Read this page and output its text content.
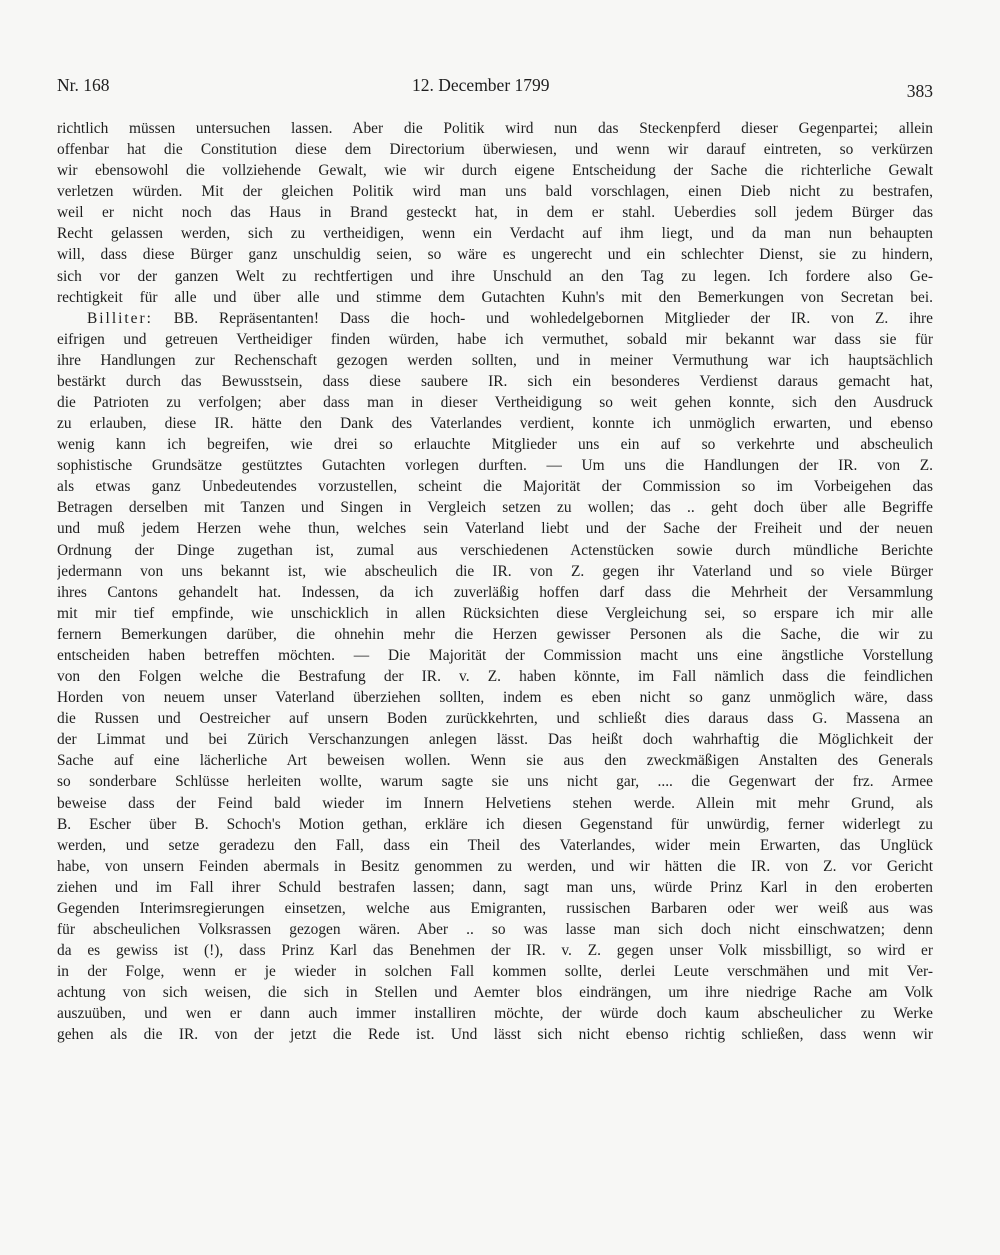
Nr. 168	12. December 1799	383
richtlich müssen untersuchen lassen. Aber die Politik wird nun das Steckenpferd dieser Gegenpartei; allein
offenbar hat die Constitution diese dem Directorium überwiesen, und wenn wir darauf eintreten, so verkürzen
wir ebensowohl die vollziehende Gewalt, wie wir durch eigene Entscheidung der Sache die richterliche Gewalt
verletzen würden. Mit der gleichen Politik wird man uns bald vorschlagen, einen Dieb nicht zu bestrafen,
weil er nicht noch das Haus in Brand gesteckt hat, in dem er stahl. Ueberdies soll jedem Bürger das
Recht gelassen werden, sich zu vertheidigen, wenn ein Verdacht auf ihm liegt, und da man nun behaupten
will, dass diese Bürger ganz unschuldig seien, so wäre es ungerecht und ein schlechter Dienst, sie zu hindern,
sich vor der ganzen Welt zu rechtfertigen und ihre Unschuld an den Tag zu legen. Ich fordere also Ge-
rechtigkeit für alle und über alle und stimme dem Gutachten Kuhn's mit den Bemerkungen von Secretan bei.
Billiter: BB. Repräsentanten! Dass die hoch- und wohledelgebornen Mitglieder der IR. von Z. ihre
eifrigen und getreuen Vertheidiger finden würden, habe ich vermuthet, sobald mir bekannt war dass sie für
ihre Handlungen zur Rechenschaft gezogen werden sollten, und in meiner Vermuthung war ich hauptsächlich
bestärkt durch das Bewusstsein, dass diese saubere IR. sich ein besonderes Verdienst daraus gemacht hat,
die Patrioten zu verfolgen; aber dass man in dieser Vertheidigung so weit gehen konnte, sich den Ausdruck
zu erlauben, diese IR. hätte den Dank des Vaterlandes verdient, konnte ich unmöglich erwarten, und ebenso
wenig kann ich begreifen, wie drei so erlauchte Mitglieder uns ein auf so verkehrte und abscheulich
sophistische Grundsätze gestütztes Gutachten vorlegen durften. — Um uns die Handlungen der IR. von Z.
als etwas ganz Unbedeutendes vorzustellen, scheint die Majorität der Commission so im Vorbeigehen das
Betragen derselben mit Tanzen und Singen in Vergleich setzen zu wollen; das .. geht doch über alle Begriffe
und muß jedem Herzen wehe thun, welches sein Vaterland liebt und der Sache der Freiheit und der neuen
Ordnung der Dinge zugethan ist, zumal aus verschiedenen Actenstücken sowie durch mündliche Berichte
jedermann von uns bekannt ist, wie abscheulich die IR. von Z. gegen ihr Vaterland und so viele Bürger
ihres Cantons gehandelt hat. Indessen, da ich zuverläßig hoffen darf dass die Mehrheit der Versammlung
mit mir tief empfinde, wie unschicklich in allen Rücksichten diese Vergleichung sei, so erspare ich mir alle
fernern Bemerkungen darüber, die ohnehin mehr die Herzen gewisser Personen als die Sache, die wir zu
entscheiden haben betreffen möchten. — Die Majorität der Commission macht uns eine ängstliche Vorstellung
von den Folgen welche die Bestrafung der IR. v. Z. haben könnte, im Fall nämlich dass die feindlichen
Horden von neuem unser Vaterland überziehen sollten, indem es eben nicht so ganz unmöglich wäre, dass
die Russen und Oestreicher auf unsern Boden zurückkehrten, und schließt dies daraus dass G. Massena an
der Limmat und bei Zürich Verschanzungen anlegen lässt. Das heißt doch wahrhaftig die Möglichkeit der
Sache auf eine lächerliche Art beweisen wollen. Wenn sie aus den zweckmäßigen Anstalten des Generals
so sonderbare Schlüsse herleiten wollte, warum sagte sie uns nicht gar, .... die Gegenwart der frz. Armee
beweise dass der Feind bald wieder im Innern Helvetiens stehen werde. Allein mit mehr Grund, als
B. Escher über B. Schoch's Motion gethan, erkläre ich diesen Gegenstand für unwürdig, ferner widerlegt zu
werden, und setze geradezu den Fall, dass ein Theil des Vaterlandes, wider mein Erwarten, das Unglück
habe, von unsern Feinden abermals in Besitz genommen zu werden, und wir hätten die IR. von Z. vor Gericht
ziehen und im Fall ihrer Schuld bestrafen lassen; dann, sagt man uns, würde Prinz Karl in den eroberten
Gegenden Interimsregierungen einsetzen, welche aus Emigranten, russischen Barbaren oder wer weiß aus was
für abscheulichen Volksrassen gezogen wären. Aber .. so was lasse man sich doch nicht einschwatzen; denn
da es gewiss ist (!), dass Prinz Karl das Benehmen der IR. v. Z. gegen unser Volk missbilligt, so wird er
in der Folge, wenn er je wieder in solchen Fall kommen sollte, derlei Leute verschmähen und mit Ver-
achtung von sich weisen, die sich in Stellen und Aemter blos eindrängen, um ihre niedrige Rache am Volk
auszuüben, und wen er dann auch immer installiren möchte, der würde doch kaum abscheulicher zu Werke
gehen als die IR. von der jetzt die Rede ist. Und lässt sich nicht ebenso richtig schließen, dass wenn wir
